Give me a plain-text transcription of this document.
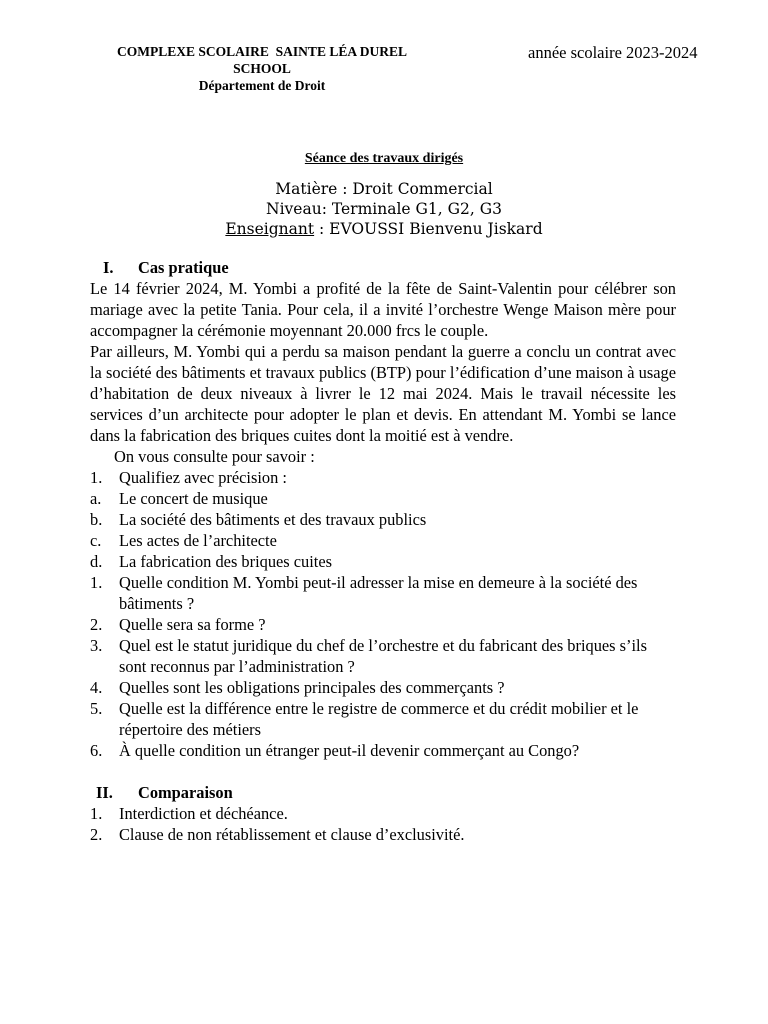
COMPLEXE SCOLAIRE  SAINTE LÉA DUREL
SCHOOL
Département de Droit
année scolaire 2023-2024
Séance des travaux dirigés
Matière : Droit Commercial
Niveau: Terminale G1, G2, G3
Enseignant : EVOUSSI Bienvenu Jiskard
I.	Cas pratique

Le 14 février 2024, M. Yombi a profité de la fête de Saint-Valentin pour célébrer son mariage avec la petite Tania. Pour cela, il a invité l’orchestre Wenge Maison mère pour accompagner la cérémonie moyennant 20.000 frcs le couple.

Par ailleurs, M. Yombi qui a perdu sa maison pendant la guerre a conclu un contrat avec la société des bâtiments et travaux publics (BTP) pour l’édification d’une maison à usage d’habitation de deux niveaux à livrer le 12 mai 2024. Mais le travail nécessite les services d’un architecte pour adopter le plan et devis. En attendant M. Yombi se lance dans la fabrication des briques cuites dont la moitié est à vendre.

On vous consulte pour savoir :

1.	Qualifiez avec précision :
a.	Le concert de musique
b.	La société des bâtiments et des travaux publics
c.	Les actes de l’architecte
d.	La fabrication des briques cuites
1.	Quelle condition M. Yombi peut-il adresser la mise en demeure à la société des bâtiments ?
2.	Quelle sera sa forme ?
3.	Quel est le statut juridique du chef de l’orchestre et du fabricant des briques s’ils sont reconnus par l’administration ?
4.	Quelles sont les obligations principales des commerçants ?
5.	Quelle est la différence entre le registre de commerce et du crédit mobilier et le répertoire des métiers
6.	À quelle condition un étranger peut-il devenir commerçant au Congo?
II.	Comparaison
1.	Interdiction et déchéance.
2.	Clause de non rétablissement et clause d’exclusivité.
